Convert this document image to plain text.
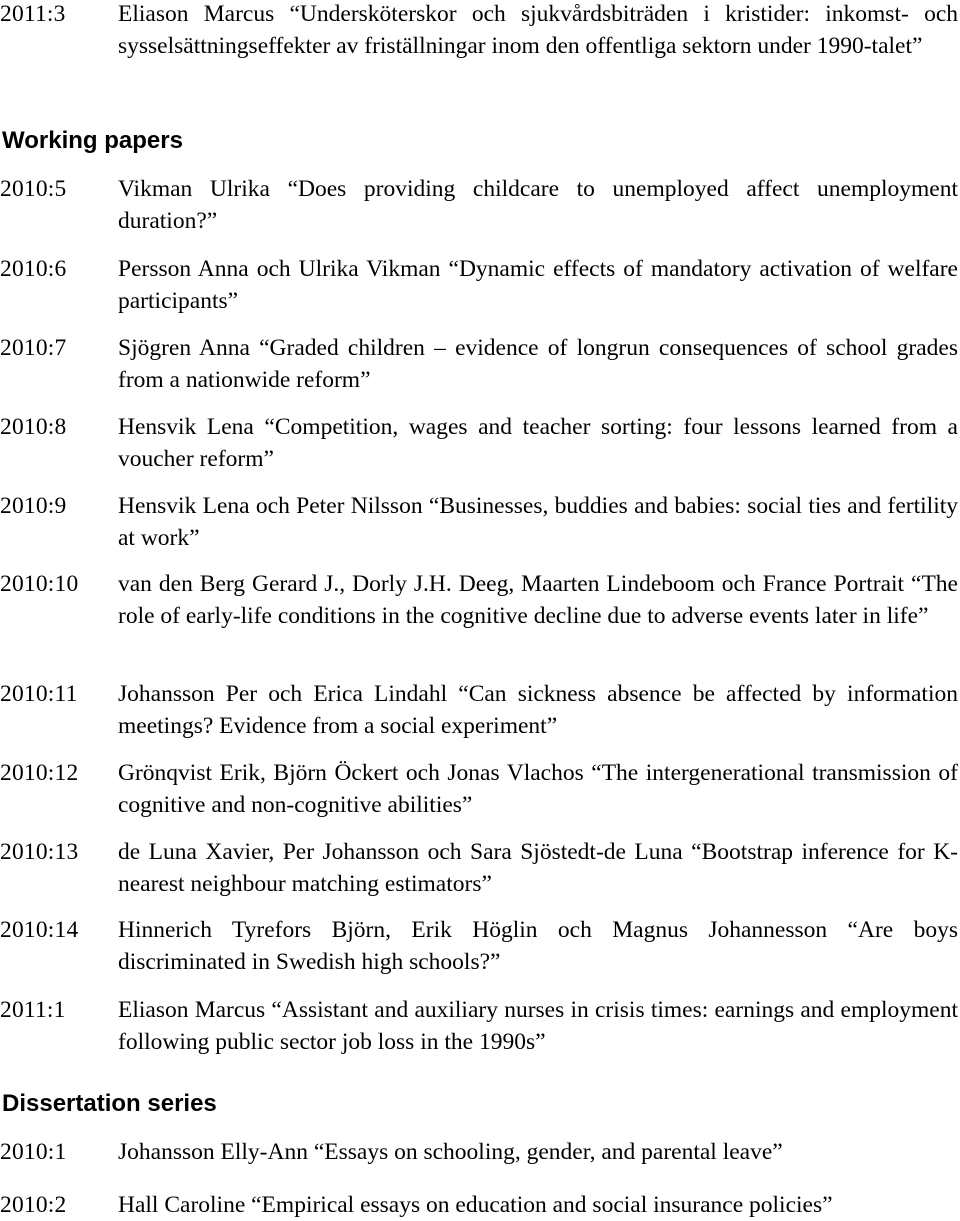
2011:3	Eliason Marcus “Undersköterskor och sjukvårdsbiträden i kristider: inkomst- och sysselsättningseffekter av friställningar inom den offentliga sektorn under 1990-talet”
Working papers
2010:5	Vikman Ulrika “Does providing childcare to unemployed affect unemployment duration?”
2010:6	Persson Anna och Ulrika Vikman “Dynamic effects of mandatory activation of welfare participants”
2010:7	Sjögren Anna “Graded children – evidence of longrun consequences of school grades from a nationwide reform”
2010:8	Hensvik Lena “Competition, wages and teacher sorting: four lessons learned from a voucher reform”
2010:9	Hensvik Lena och Peter Nilsson “Businesses, buddies and babies: social ties and fertility at work”
2010:10	van den Berg Gerard J., Dorly J.H. Deeg, Maarten Lindeboom och France Portrait “The role of early-life conditions in the cognitive decline due to adverse events later in life”
2010:11	Johansson Per och Erica Lindahl “Can sickness absence be affected by information meetings? Evidence from a social experiment”
2010:12	Grönqvist Erik, Björn Öckert och Jonas Vlachos “The intergenerational transmission of cognitive and non-cognitive abilities”
2010:13	de Luna Xavier, Per Johansson och Sara Sjöstedt-de Luna “Bootstrap inference for K-nearest neighbour matching estimators”
2010:14	Hinnerich Tyrefors Björn, Erik Höglin och Magnus Johannesson “Are boys discriminated in Swedish high schools?”
2011:1	Eliason Marcus “Assistant and auxiliary nurses in crisis times: earnings and employment following public sector job loss in the 1990s”
Dissertation series
2010:1	Johansson Elly-Ann “Essays on schooling, gender, and parental leave”
2010:2	Hall Caroline “Empirical essays on education and social insurance policies”
